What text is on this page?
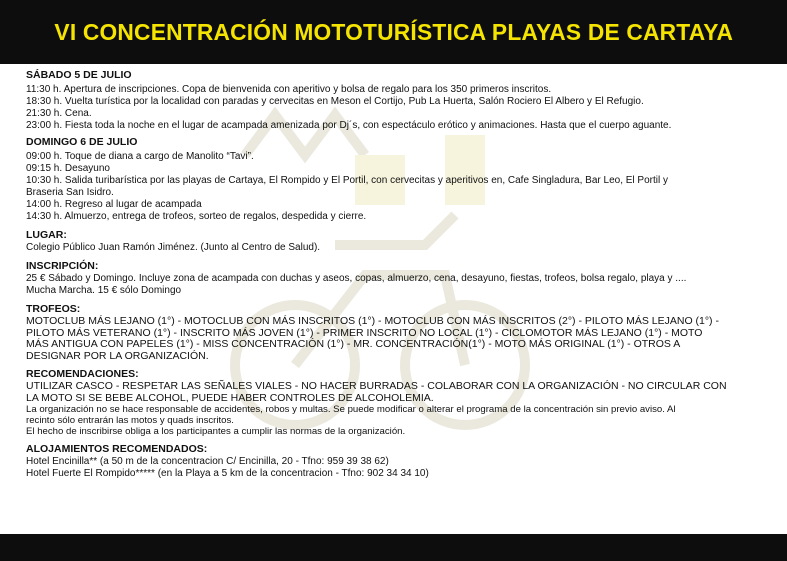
VI CONCENTRACIÓN MOTOTURÍSTICA PLAYAS DE CARTAYA

SÁBADO 5 DE JULIO

11:30 h. Apertura de inscripciones. Copa de bienvenida con aperitivo y bolsa de regalo para los 350 primeros inscritos.

18:30 h. Vuelta turística por la localidad con paradas y cervecitas en Meson el Cortijo, Pub La Huerta, Salón Rociero El Albero y El Refugio.

21:30 h. Cena.

23:00 h. Fiesta toda la noche en el lugar de acampada amenizada por Dj´s, con espectáculo erótico y animaciones. Hasta que el cuerpo aguante.

DOMINGO 6 DE JULIO

09:00 h. Toque de diana a cargo de Manolito “Tavi”.

09:15 h. Desayuno

10:30 h. Salida turibarística por las playas de Cartaya, El Rompido y El Portil, con cervecitas y aperitivos en, Cafe Singladura, Bar Leo, El Portil y

Braseria San Isidro.

14:00 h. Regreso al lugar de acampada

14:30 h. Almuerzo, entrega de trofeos, sorteo de regalos, despedida y cierre.

LUGAR:

Colegio Público Juan Ramón Jiménez. (Junto al Centro de Salud).

INSCRIPCIÓN:

25 € Sábado y Domingo. Incluye zona de acampada con duchas y aseos, copas, almuerzo, cena, desayuno, fiestas, trofeos, bolsa regalo, playa y ....

Mucha Marcha. 15 € sólo Domingo

TROFEOS:

MOTOCLUB MÁS LEJANO (1°) - MOTOCLUB CON MÁS INSCRITOS (1°) - MOTOCLUB CON MÁS INSCRITOS (2°) - PILOTO MÁS LEJANO (1°) -

PILOTO MÁS VETERANO (1°) - INSCRITO MÁS JOVEN (1°) - PRIMER INSCRITO NO LOCAL (1°) - CICLOMOTOR MÁS LEJANO (1°) - MOTO

MÁS ANTIGUA CON PAPELES (1°) - MISS CONCENTRACIÓN (1°) - MR. CONCENTRACIÓN(1°) - MOTO MÁS ORIGINAL (1°) - OTROS A

DESIGNAR POR LA ORGANIZACIÓN.

RECOMENDACIONES:

UTILIZAR CASCO - RESPETAR LAS SEÑALES VIALES - NO HACER BURRADAS - COLABORAR CON LA ORGANIZACIÓN - NO CIRCULAR CON

LA MOTO SI SE BEBE ALCOHOL, PUEDE HABER CONTROLES DE ALCOHOLEMIA.

La organización no se hace responsable de accidentes, robos y multas. Se puede modificar o alterar el programa de la concentración sin previo aviso. Al

recinto sólo entrarán las motos y quads inscritos.

El hecho de inscribirse obliga a los participantes a cumplir las normas de la organización.

ALOJAMIENTOS RECOMENDADOS:

Hotel Encinilla** (a 50 m de la concentracion C/ Encinilla, 20 - Tfno: 959 39 38 62)

Hotel Fuerte El Rompido***** (en la Playa a 5 km de la concentracion - Tfno: 902 34 34 10)
